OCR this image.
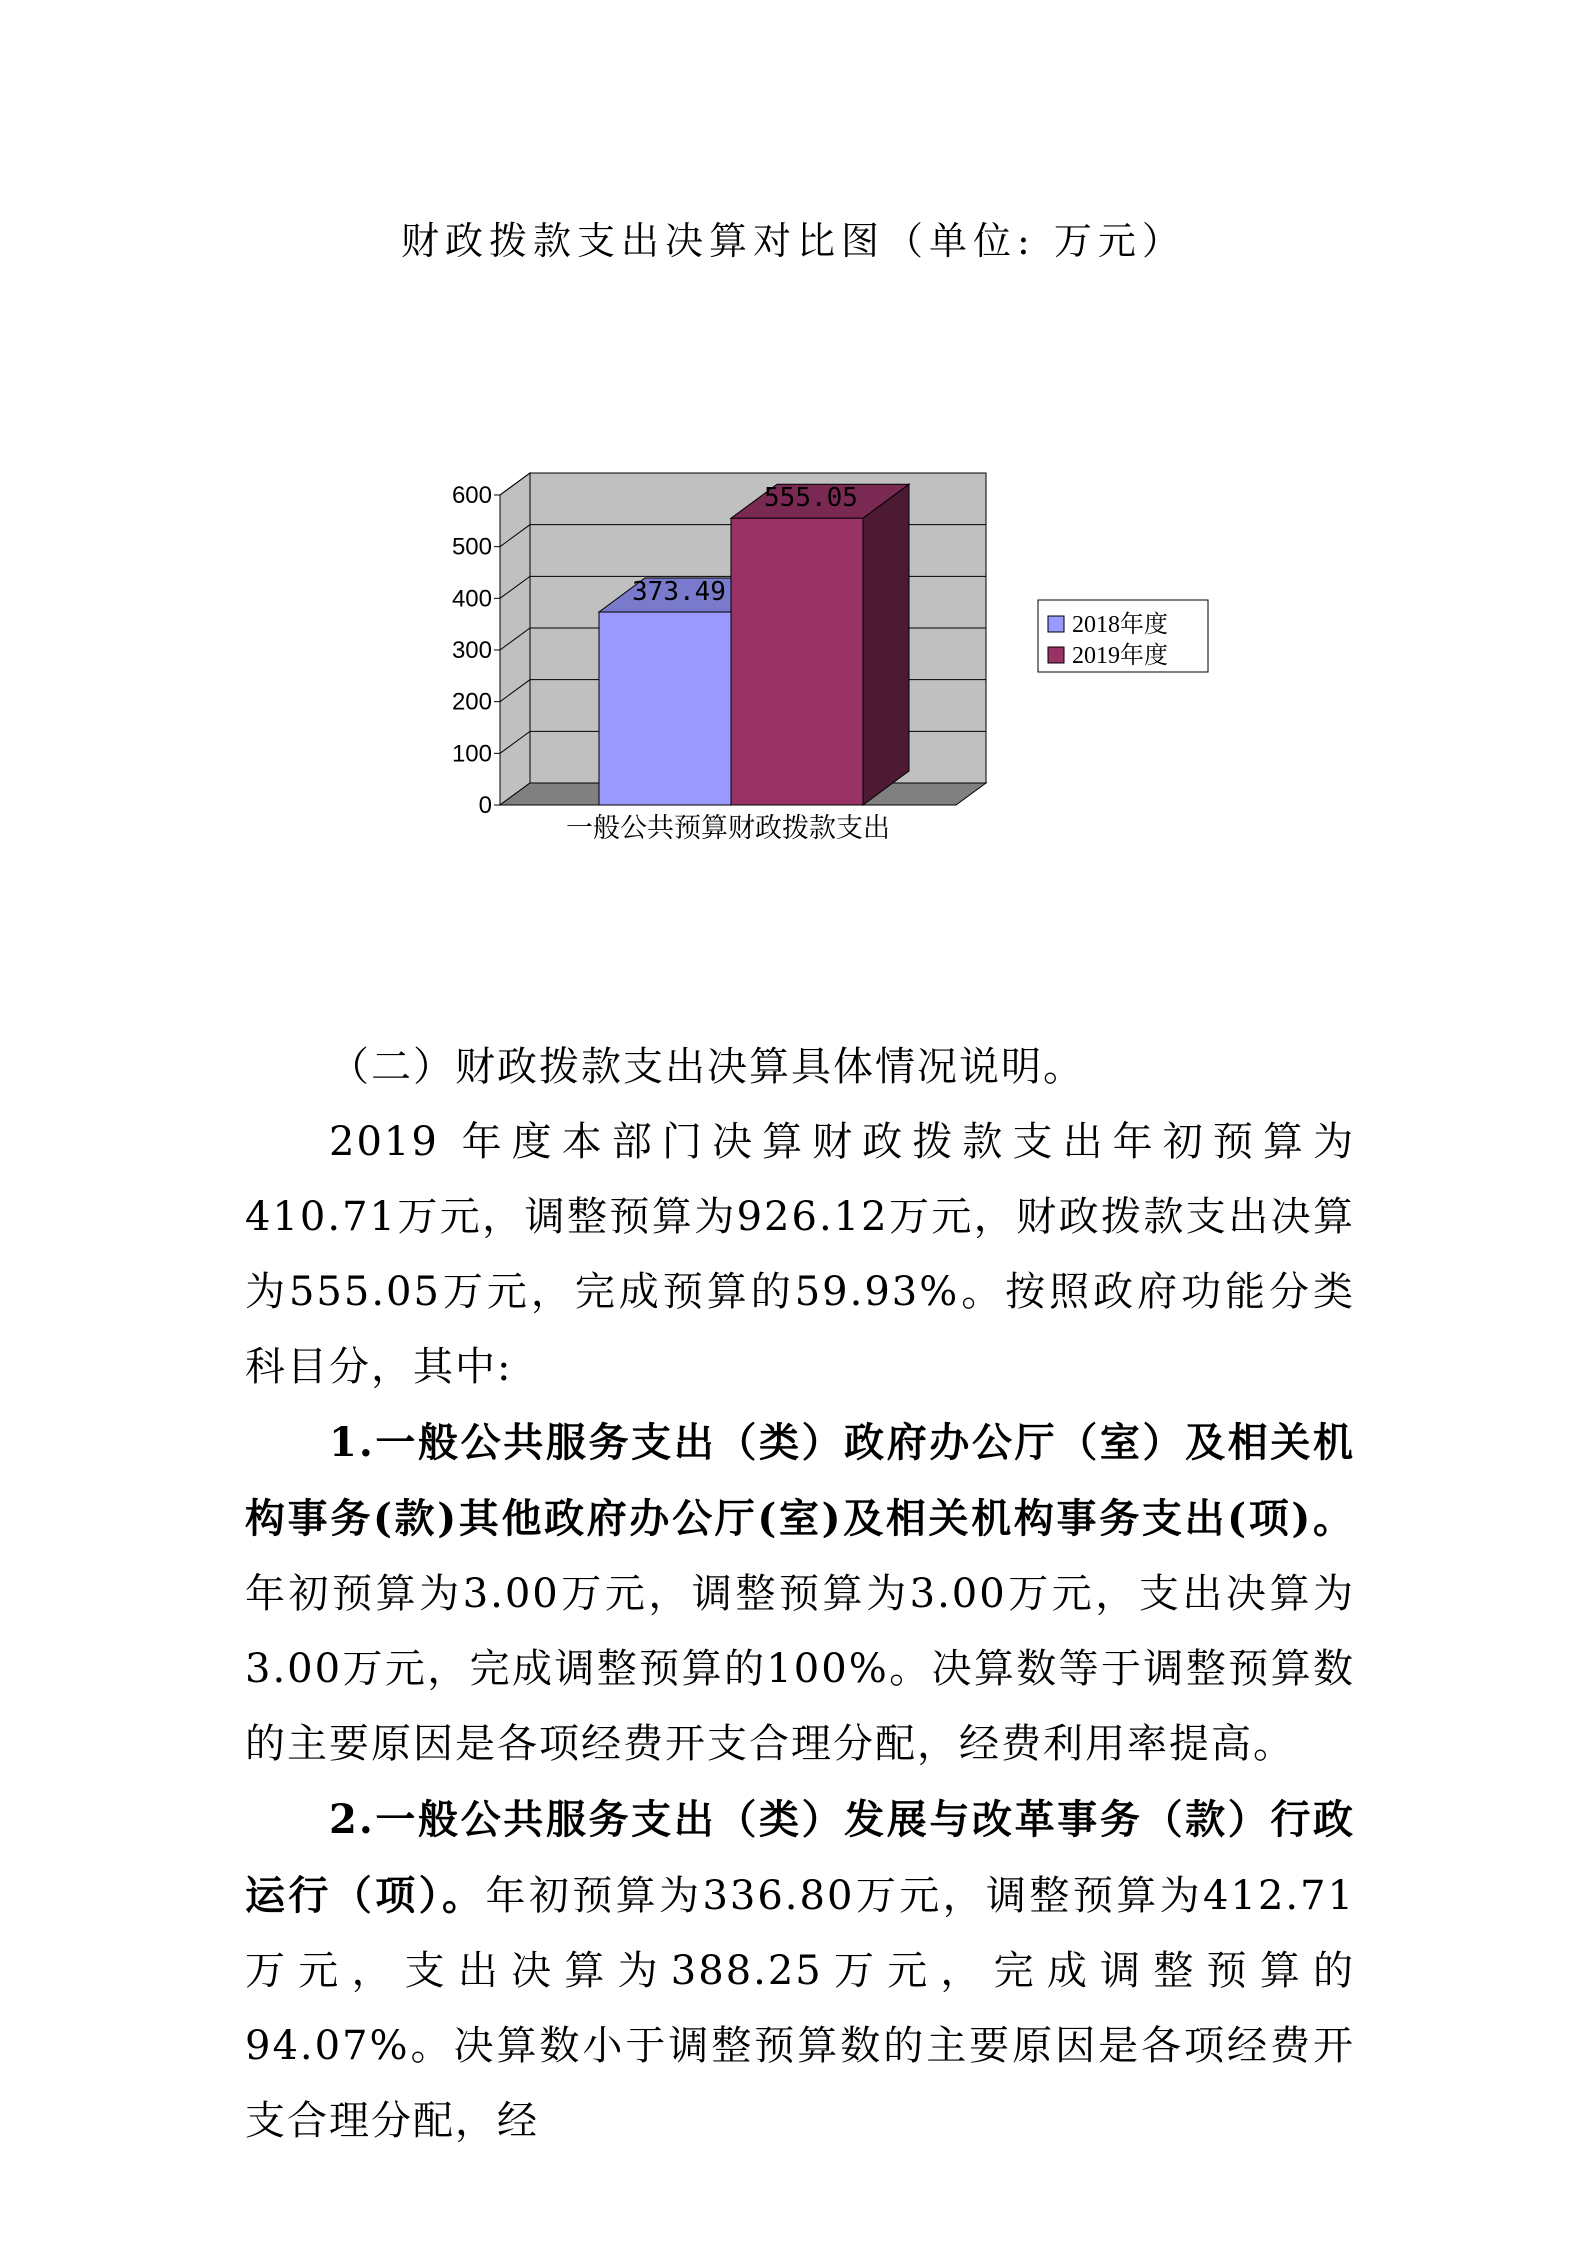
财政拨款支出决算对比图（单位: 万元）
0
100
200
300
400
500
600
373.49
555.05
一般公共预算财政拨款支出
2018年度
2019年度

（二）财政拨款支出决算具体情况说明。

2019 年度本部门决算财政拨款支出年初预算为410.71万元，调整预算为926.12万元，财政拨款支出决算为555.05万元，完成预算的59.93%。按照政府功能分类科目分，其中:

1.一般公共服务支出（类）政府办公厅（室）及相关机构事务(款)其他政府办公厅(室)及相关机构事务支出(项)。年初预算为3.00万元，调整预算为3.00万元，支出决算为3.00万元，完成调整预算的100%。决算数等于调整预算数的主要原因是各项经费开支合理分配，经费利用率提高。

2.一般公共服务支出（类）发展与改革事务（款）行政运行（项）。年初预算为336.80万元，调整预算为412.71万元，支出决算为388.25万元，完成调整预算的94.07%。决算数小于调整预算数的主要原因是各项经费开支合理分配，经
